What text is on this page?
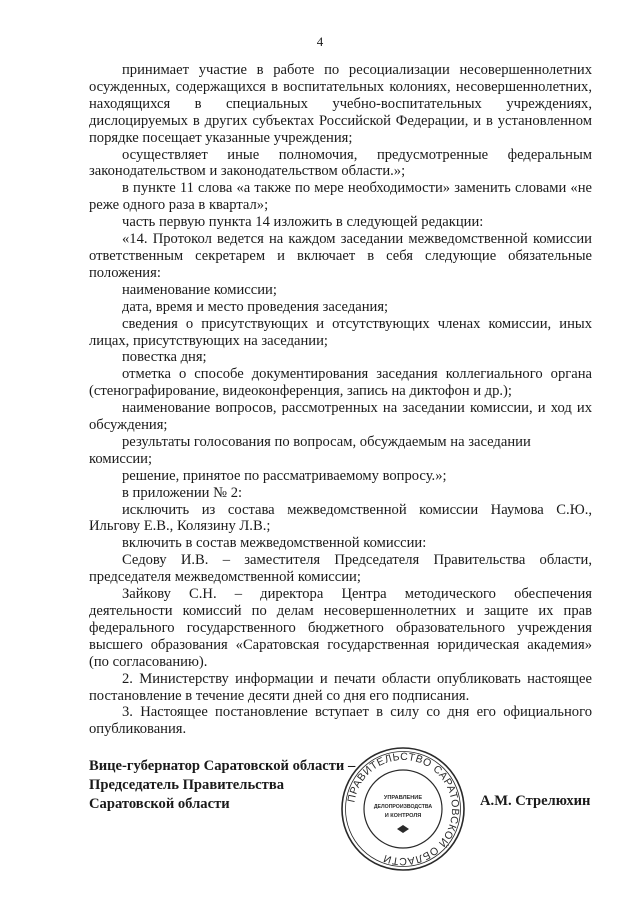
4

принимает участие в работе по ресоциализации несовершеннолетних осужденных, содержащихся в воспитательных колониях, несовершеннолетних, находящихся в специальных учебно-воспитательных учреждениях, дислоцируемых в других субъектах Российской Федерации, и в установленном порядке посещает указанные учреждения;

осуществляет иные полномочия, предусмотренные федеральным законодательством и законодательством области.»;

в пункте 11 слова «а также по мере необходимости» заменить словами «не реже одного раза в квартал»;

часть первую пункта 14 изложить в следующей редакции:

«14. Протокол ведется на каждом заседании межведомственной комиссии ответственным секретарем и включает в себя следующие обязательные положения:

наименование комиссии;

дата, время и место проведения заседания;

сведения о присутствующих и отсутствующих членах комиссии, иных лицах, присутствующих на заседании;

повестка дня;

отметка о способе документирования заседания коллегиального органа (стенографирование, видеоконференция, запись на диктофон и др.);

наименование вопросов, рассмотренных на заседании комиссии, и ход их обсуждения;

результаты голосования по вопросам, обсуждаемым на заседании комиссии;

решение, принятое по рассматриваемому вопросу.»;

в приложении № 2:

исключить из состава межведомственной комиссии Наумова С.Ю., Ильгову Е.В., Колязину Л.В.;

включить в состав межведомственной комиссии:

Седову И.В. – заместителя Председателя Правительства области, председателя межведомственной комиссии;

Зайкову С.Н. – директора Центра методического обеспечения деятельности комиссий по делам несовершеннолетних и защите их прав федерального государственного бюджетного образовательного учреждения высшего образования «Саратовская государственная юридическая академия» (по согласованию).

2. Министерству информации и печати области опубликовать настоящее постановление в течение десяти дней со дня его подписания.

3. Настоящее постановление вступает в силу со дня его официального опубликования.

Вице-губернатор Саратовской области –
Председатель Правительства
Саратовской области	ПРАВИТЕЛЬСТВО САРАТОВСКОЙ ОБЛАСТИ
УПРАВЛЕНИЕ
ДЕЛОПРОИЗВОДСТВА
И КОНТРОЛЯ
А.М. Стрелюхин
